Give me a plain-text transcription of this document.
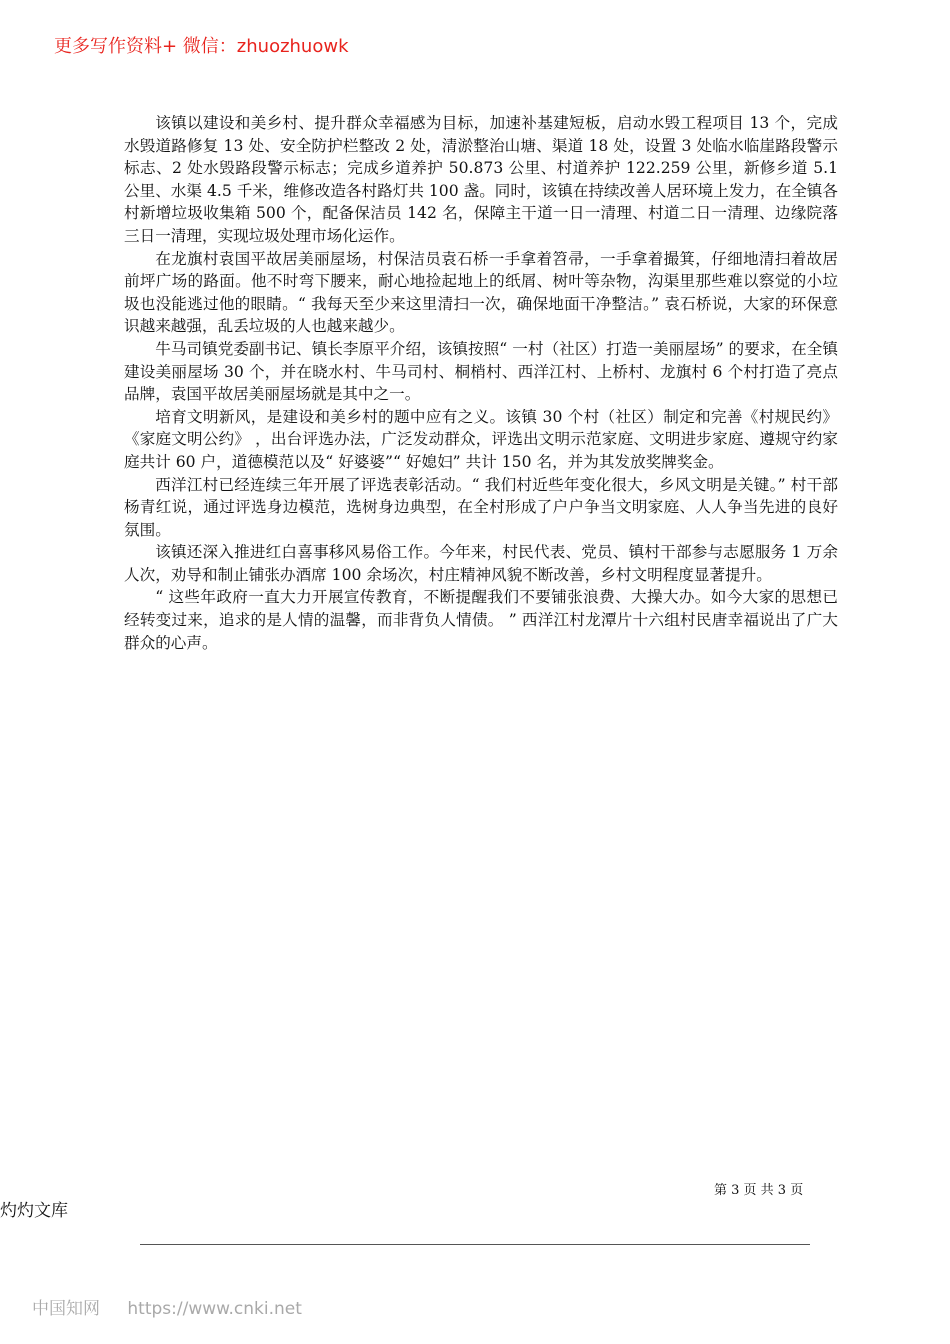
更多写作资料+ 微信：zhuozhuowk

该镇以建设和美乡村、提升群众幸福感为目标，加速补基建短板，启动水毁工程项目 13 个，完成水毁道路修复 13 处、安全防护栏整改 2 处，清淤整治山塘、渠道 18 处，设置 3 处临水临崖路段警示标志、2 处水毁路段警示标志；完成乡道养护 50.873 公里、村道养护 122.259 公里，新修乡道 5.1 公里、水渠 4.5 千米，维修改造各村路灯共 100 盏。同时，该镇在持续改善人居环境上发力，在全镇各村新增垃圾收集箱 500 个，配备保洁员 142 名，保障主干道一日一清理、村道二日一清理、边缘院落三日一清理，实现垃圾处理市场化运作。

在龙旗村袁国平故居美丽屋场，村保洁员袁石桥一手拿着笤帚，一手拿着撮箕，仔细地清扫着故居前坪广场的路面。他不时弯下腰来，耐心地捡起地上的纸屑、树叶等杂物，沟渠里那些难以察觉的小垃圾也没能逃过他的眼睛。“ 我每天至少来这里清扫一次，确保地面干净整洁。” 袁石桥说，大家的环保意识越来越强，乱丢垃圾的人也越来越少。

牛马司镇党委副书记、镇长李原平介绍，该镇按照“ 一村（社区）打造一美丽屋场” 的要求，在全镇建设美丽屋场 30 个，并在晓水村、牛马司村、桐梢村、西洋江村、上桥村、龙旗村 6 个村打造了亮点品牌，袁国平故居美丽屋场就是其中之一。

培育文明新风，是建设和美乡村的题中应有之义。该镇 30 个村（社区）制定和完善《村规民约》《家庭文明公约》 ，出台评选办法，广泛发动群众，评选出文明示范家庭、文明进步家庭、遵规守约家庭共计 60 户，道德模范以及“ 好婆婆”“ 好媳妇” 共计 150 名，并为其发放奖牌奖金。

西洋江村已经连续三年开展了评选表彰活动。“ 我们村近些年变化很大，乡风文明是关键。” 村干部杨青红说，通过评选身边模范，选树身边典型，在全村形成了户户争当文明家庭、人人争当先进的良好氛围。

该镇还深入推进红白喜事移风易俗工作。今年来，村民代表、党员、镇村干部参与志愿服务 1 万余人次，劝导和制止铺张办酒席 100 余场次，村庄精神风貌不断改善，乡村文明程度显著提升。

“ 这些年政府一直大力开展宣传教育，不断提醒我们不要铺张浪费、大操大办。如今大家的思想已经转变过来，追求的是人情的温馨，而非背负人情债。 ” 西洋江村龙潭片十六组村民唐幸福说出了广大群众的心声。

第 3 页 共 3 页
灼灼文库
中国知网 https://www.cnki.net
